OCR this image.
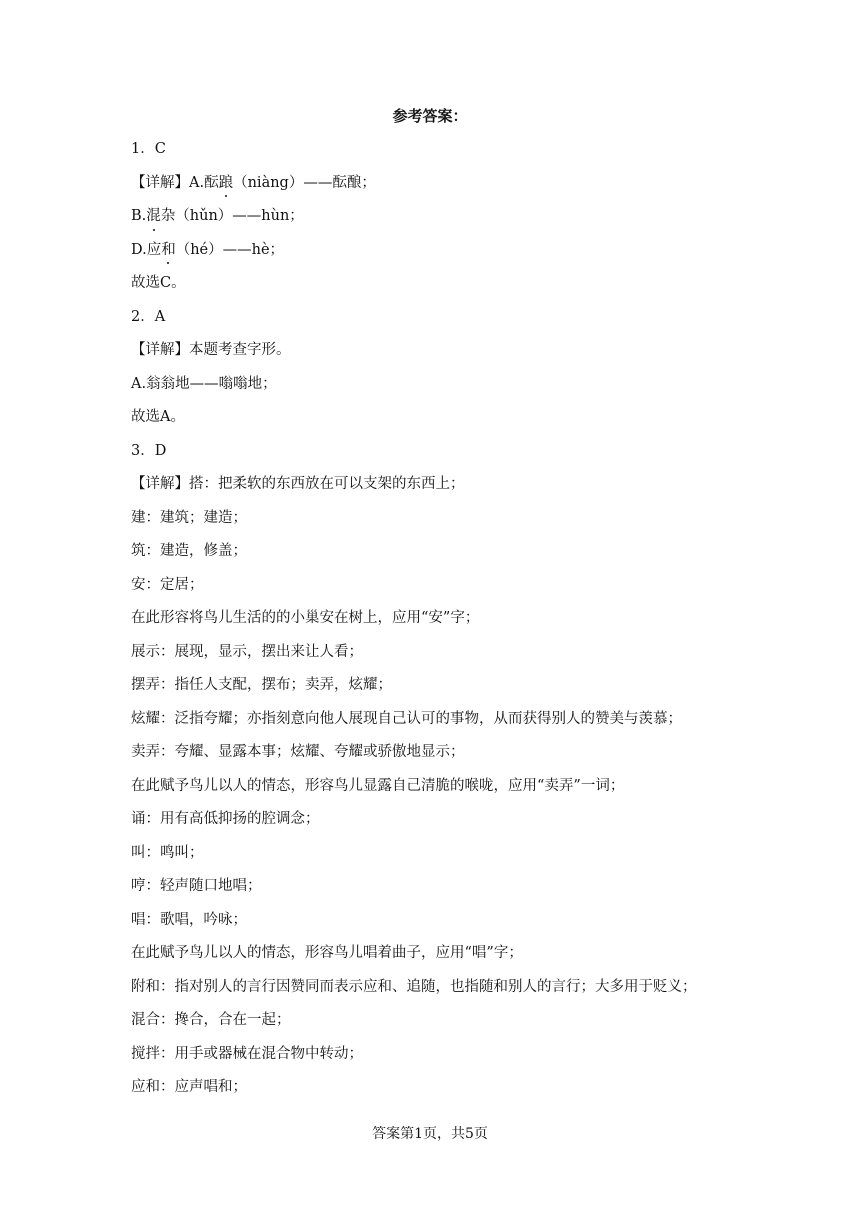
参考答案：
1．C
【详解】A.酝踉（niàng）——酝酿；
B.混杂（hǔn）——hùn；
D.应和（hé）——hè；
故选C。
2．A
【详解】本题考查字形。
A.翁翁地——嗡嗡地；
故选A。
3．D
【详解】搭：把柔软的东西放在可以支架的东西上；
建：建筑；建造；
筑：建造，修盖；
安：定居；
在此形容将鸟儿生活的的小巢安在树上，应用“安”字；
展示：展现，显示，摆出来让人看；
摆弄：指任人支配，摆布；卖弄，炫耀；
炫耀：泛指夸耀；亦指刻意向他人展现自己认可的事物，从而获得别人的赞美与羡慕；
卖弄：夸耀、显露本事；炫耀、夸耀或骄傲地显示；
在此赋予鸟儿以人的情态，形容鸟儿显露自己清脆的喉咙，应用“卖弄”一词；
诵：用有高低抑扬的腔调念；
叫：鸣叫；
哼：轻声随口地唱；
唱：歌唱，吟咏；
在此赋予鸟儿以人的情态，形容鸟儿唱着曲子，应用“唱”字；
附和：指对别人的言行因赞同而表示应和、追随，也指随和别人的言行；大多用于贬义；
混合：搀合，合在一起；
搅拌：用手或器械在混合物中转动；
应和：应声唱和；
答案第1页，共5页
